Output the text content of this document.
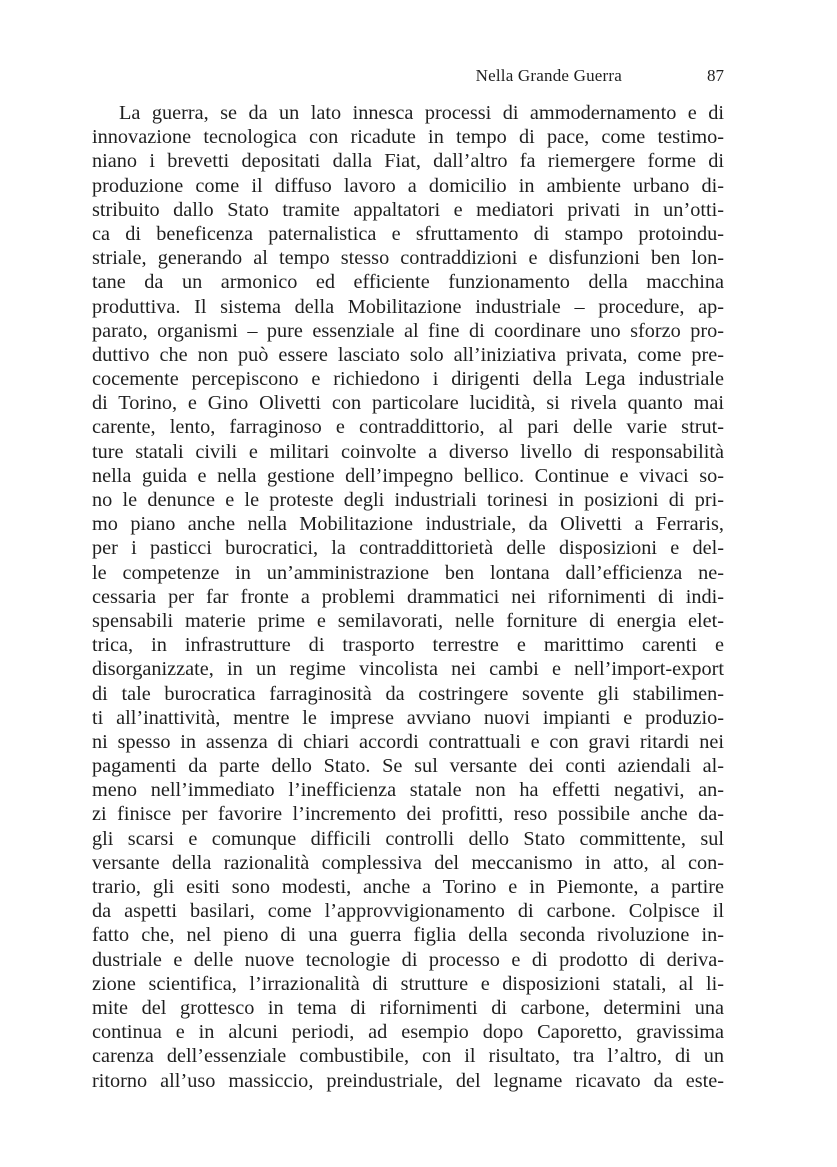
Nella Grande Guerra	87
La guerra, se da un lato innesca processi di ammodernamento e di
innovazione tecnologica con ricadute in tempo di pace, come testimo-
niano i brevetti depositati dalla Fiat, dall’altro fa riemergere forme di
produzione come il diffuso lavoro a domicilio in ambiente urbano di-
stribuito dallo Stato tramite appaltatori e mediatori privati in un’otti-
ca di beneficenza paternalistica e sfruttamento di stampo protoindu-
striale, generando al tempo stesso contraddizioni e disfunzioni ben lon-
tane da un armonico ed efficiente funzionamento della macchina
produttiva. Il sistema della Mobilitazione industriale – procedure, ap-
parato, organismi – pure essenziale al fine di coordinare uno sforzo pro-
duttivo che non può essere lasciato solo all’iniziativa privata, come pre-
cocemente percepiscono e richiedono i dirigenti della Lega industriale
di Torino, e Gino Olivetti con particolare lucidità, si rivela quanto mai
carente, lento, farraginoso e contraddittorio, al pari delle varie strut-
ture statali civili e militari coinvolte a diverso livello di responsabilità
nella guida e nella gestione dell’impegno bellico. Continue e vivaci so-
no le denunce e le proteste degli industriali torinesi in posizioni di pri-
mo piano anche nella Mobilitazione industriale, da Olivetti a Ferraris,
per i pasticci burocratici, la contraddittorietà delle disposizioni e del-
le competenze in un’amministrazione ben lontana dall’efficienza ne-
cessaria per far fronte a problemi drammatici nei rifornimenti di indi-
spensabili materie prime e semilavorati, nelle forniture di energia elet-
trica, in infrastrutture di trasporto terrestre e marittimo carenti e
disorganizzate, in un regime vincolista nei cambi e nell’import-export
di tale burocratica farraginosità da costringere sovente gli stabilimen-
ti all’inattività, mentre le imprese avviano nuovi impianti e produzio-
ni spesso in assenza di chiari accordi contrattuali e con gravi ritardi nei
pagamenti da parte dello Stato. Se sul versante dei conti aziendali al-
meno nell’immediato l’inefficienza statale non ha effetti negativi, an-
zi finisce per favorire l’incremento dei profitti, reso possibile anche da-
gli scarsi e comunque difficili controlli dello Stato committente, sul
versante della razionalità complessiva del meccanismo in atto, al con-
trario, gli esiti sono modesti, anche a Torino e in Piemonte, a partire
da aspetti basilari, come l’approvvigionamento di carbone. Colpisce il
fatto che, nel pieno di una guerra figlia della seconda rivoluzione in-
dustriale e delle nuove tecnologie di processo e di prodotto di deriva-
zione scientifica, l’irrazionalità di strutture e disposizioni statali, al li-
mite del grottesco in tema di rifornimenti di carbone, determini una
continua e in alcuni periodi, ad esempio dopo Caporetto, gravissima
carenza dell’essenziale combustibile, con il risultato, tra l’altro, di un
ritorno all’uso massiccio, preindustriale, del legname ricavato da este-
